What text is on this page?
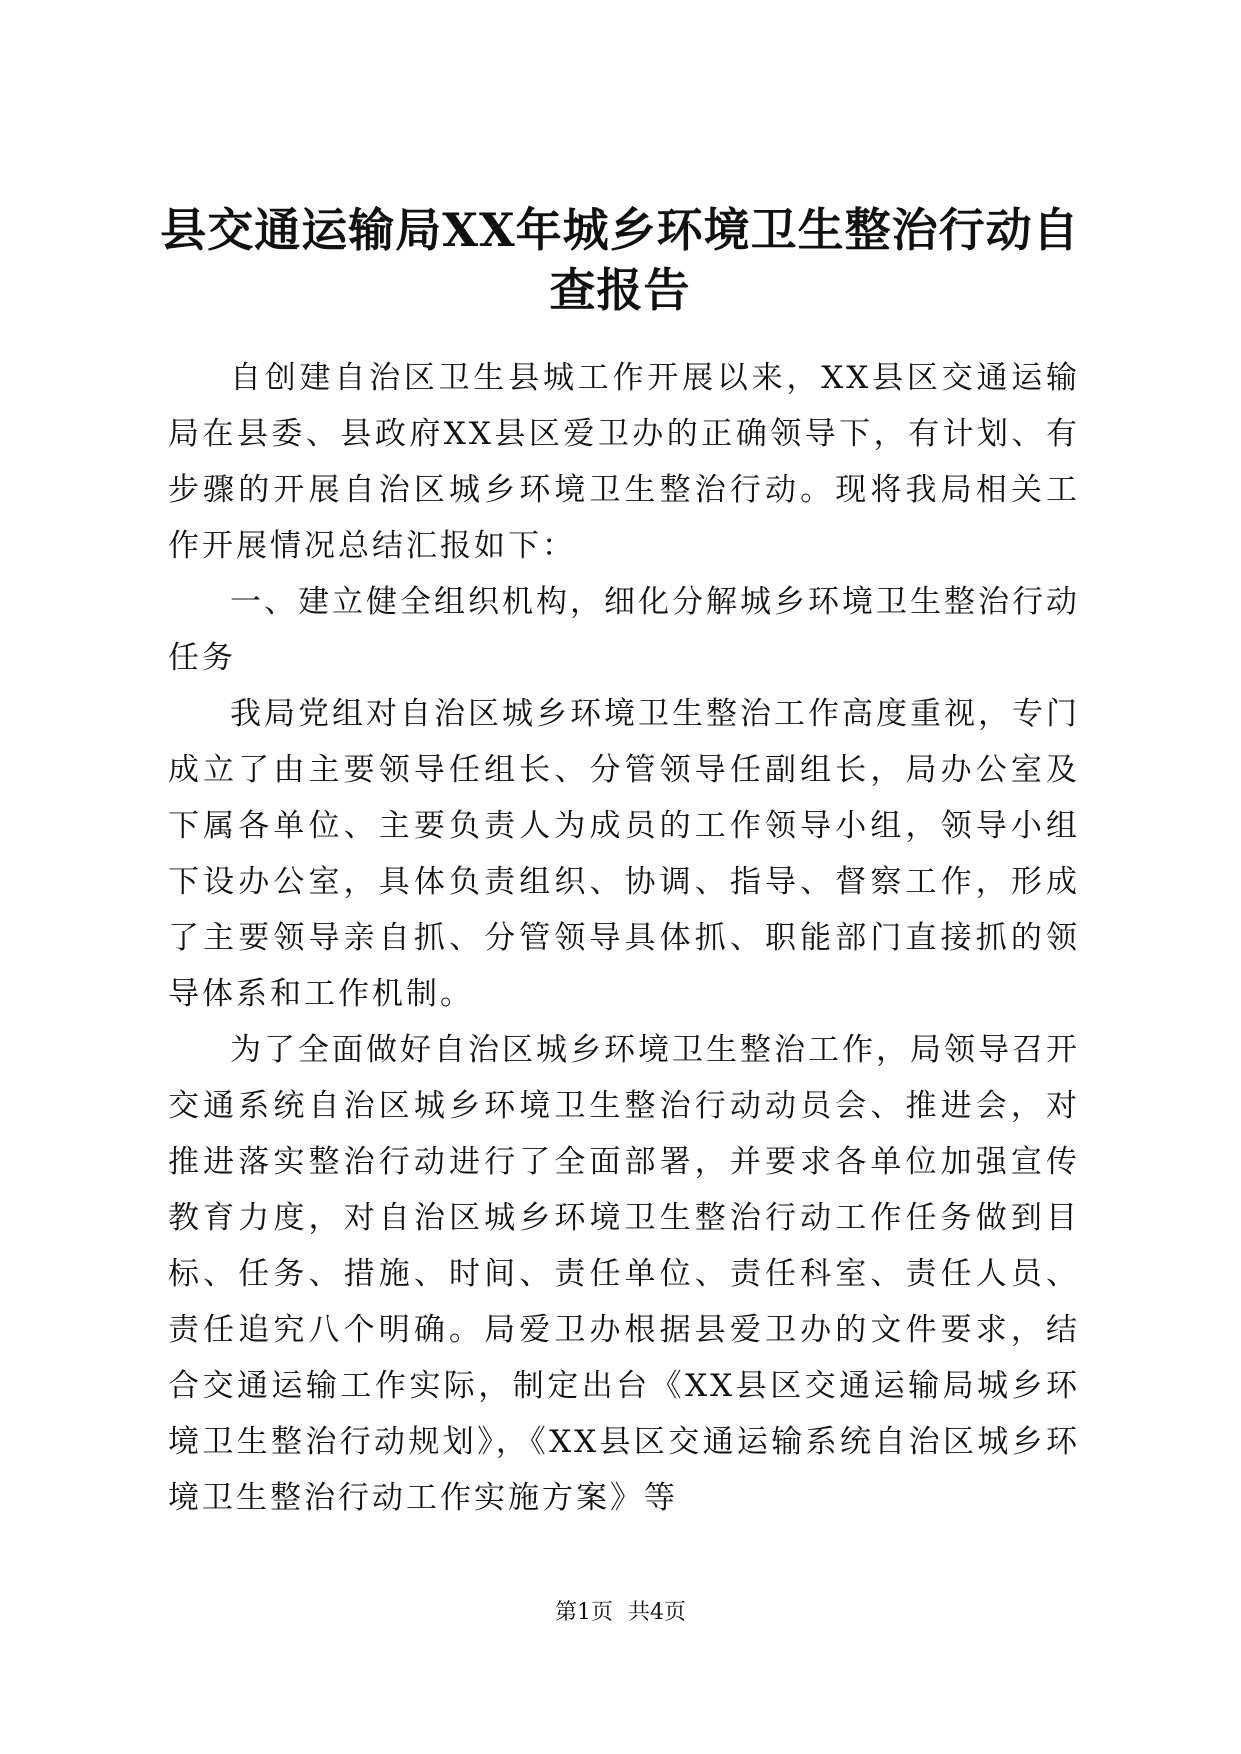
县交通运输局XX年城乡环境卫生整治行动自查报告

自创建自治区卫生县城工作开展以来，XX县区交通运输局在县委、县政府XX县区爱卫办的正确领导下，有计划、有步骤的开展自治区城乡环境卫生整治行动。现将我局相关工作开展情况总结汇报如下：

一、建立健全组织机构，细化分解城乡环境卫生整治行动任务

我局党组对自治区城乡环境卫生整治工作高度重视，专门成立了由主要领导任组长、分管领导任副组长，局办公室及下属各单位、主要负责人为成员的工作领导小组，领导小组下设办公室，具体负责组织、协调、指导、督察工作，形成了主要领导亲自抓、分管领导具体抓、职能部门直接抓的领导体系和工作机制。

为了全面做好自治区城乡环境卫生整治工作，局领导召开交通系统自治区城乡环境卫生整治行动动员会、推进会，对推进落实整治行动进行了全面部署，并要求各单位加强宣传教育力度，对自治区城乡环境卫生整治行动工作任务做到目标、任务、措施、时间、责任单位、责任科室、责任人员、责任追究八个明确。局爱卫办根据县爱卫办的文件要求，结合交通运输工作实际，制定出台《XX县区交通运输局城乡环境卫生整治行动规划》，《XX县区交通运输系统自治区城乡环境卫生整治行动工作实施方案》等

第1页 共4页
